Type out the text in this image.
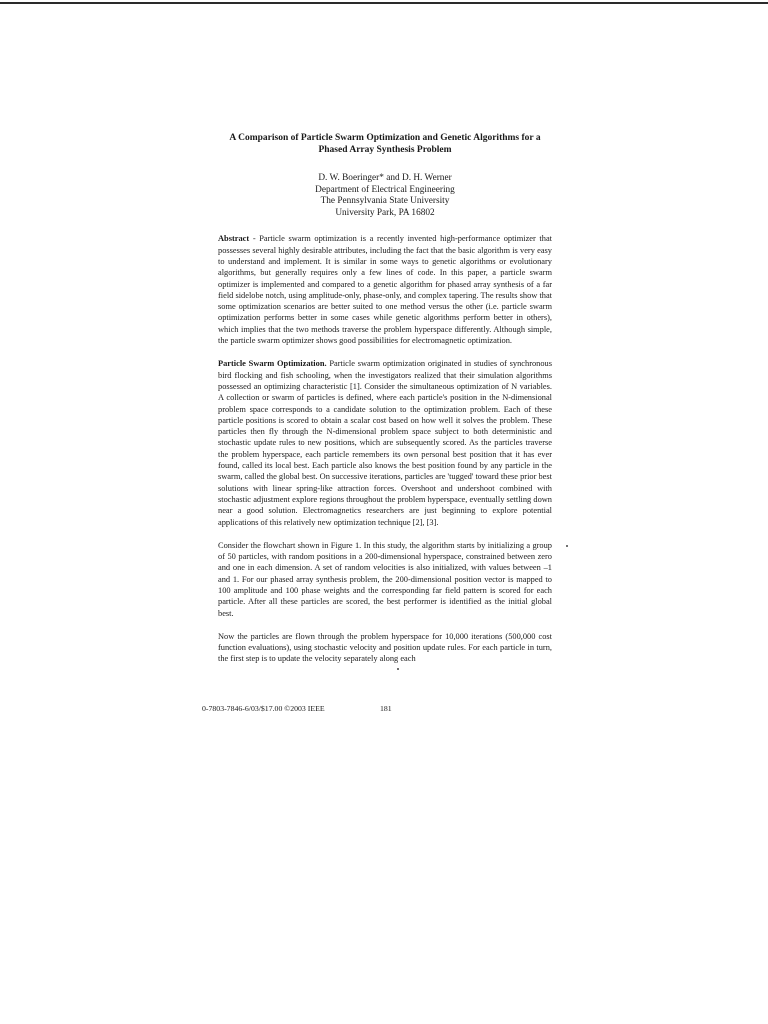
A Comparison of Particle Swarm Optimization and Genetic Algorithms for a Phased Array Synthesis Problem
D. W. Boeringer* and D. H. Werner
Department of Electrical Engineering
The Pennsylvania State University
University Park, PA 16802

Abstract - Particle swarm optimization is a recently invented high-performance optimizer that possesses several highly desirable attributes, including the fact that the basic algorithm is very easy to understand and implement. It is similar in some ways to genetic algorithms or evolutionary algorithms, but generally requires only a few lines of code. In this paper, a particle swarm optimizer is implemented and compared to a genetic algorithm for phased array synthesis of a far field sidelobe notch, using amplitude-only, phase-only, and complex tapering. The results show that some optimization scenarios are better suited to one method versus the other (i.e. particle swarm optimization performs better in some cases while genetic algorithms perform better in others), which implies that the two methods traverse the problem hyperspace differently. Although simple, the particle swarm optimizer shows good possibilities for electromagnetic optimization.

Particle Swarm Optimization. Particle swarm optimization originated in studies of synchronous bird flocking and fish schooling, when the investigators realized that their simulation algorithms possessed an optimizing characteristic [1]. Consider the simultaneous optimization of N variables. A collection or swarm of particles is defined, where each particle's position in the N-dimensional problem space corresponds to a candidate solution to the optimization problem. Each of these particle positions is scored to obtain a scalar cost based on how well it solves the problem. These particles then fly through the N-dimensional problem space subject to both deterministic and stochastic update rules to new positions, which are subsequently scored. As the particles traverse the problem hyperspace, each particle remembers its own personal best position that it has ever found, called its local best. Each particle also knows the best position found by any particle in the swarm, called the global best. On successive iterations, particles are 'tugged' toward these prior best solutions with linear spring-like attraction forces. Overshoot and undershoot combined with stochastic adjustment explore regions throughout the problem hyperspace, eventually settling down near a good solution. Electromagnetics researchers are just beginning to explore potential applications of this relatively new optimization technique [2], [3].

Consider the flowchart shown in Figure 1. In this study, the algorithm starts by initializing a group of 50 particles, with random positions in a 200-dimensional hyperspace, constrained between zero and one in each dimension. A set of random velocities is also initialized, with values between –1 and 1. For our phased array synthesis problem, the 200-dimensional position vector is mapped to 100 amplitude and 100 phase weights and the corresponding far field pattern is scored for each particle. After all these particles are scored, the best performer is identified as the initial global best.

Now the particles are flown through the problem hyperspace for 10,000 iterations (500,000 cost function evaluations), using stochastic velocity and position update rules. For each particle in turn, the first step is to update the velocity separately along each

0-7803-7846-6/03/$17.00 ©2003 IEEE	181
